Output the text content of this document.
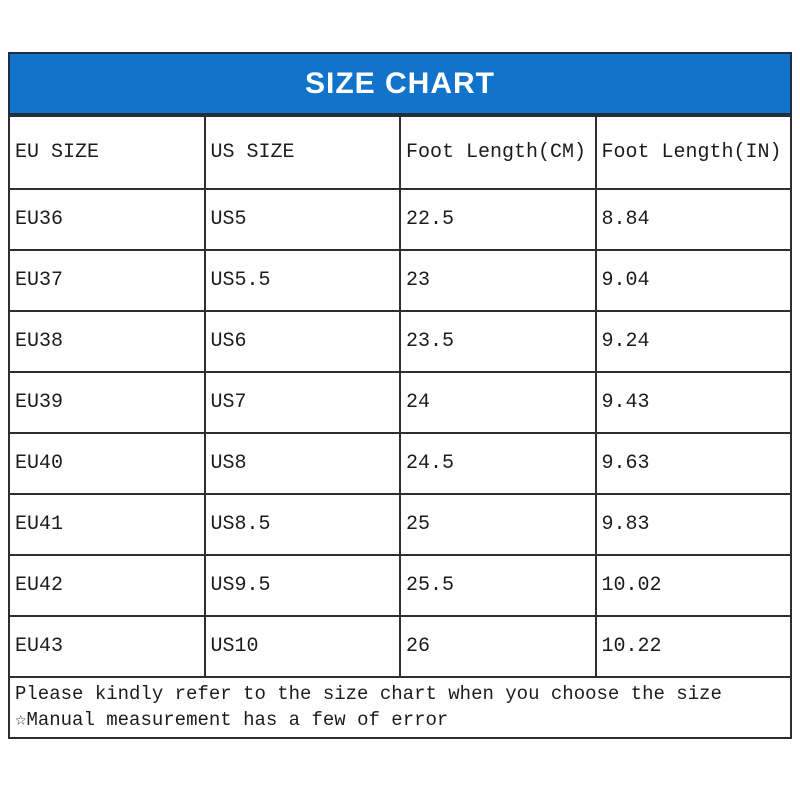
SIZE CHART
EU SIZE	US SIZE	Foot Length(CM)	Foot Length(IN)
EU36	US5	22.5	8.84
EU37	US5.5	23	9.04
EU38	US6	23.5	9.24
EU39	US7	24	9.43
EU40	US8	24.5	9.63
EU41	US8.5	25	9.83
EU42	US9.5	25.5	10.02
EU43	US10	26	10.22

Please kindly refer to the size chart when you choose the size
☆Manual measurement has a few of error			
